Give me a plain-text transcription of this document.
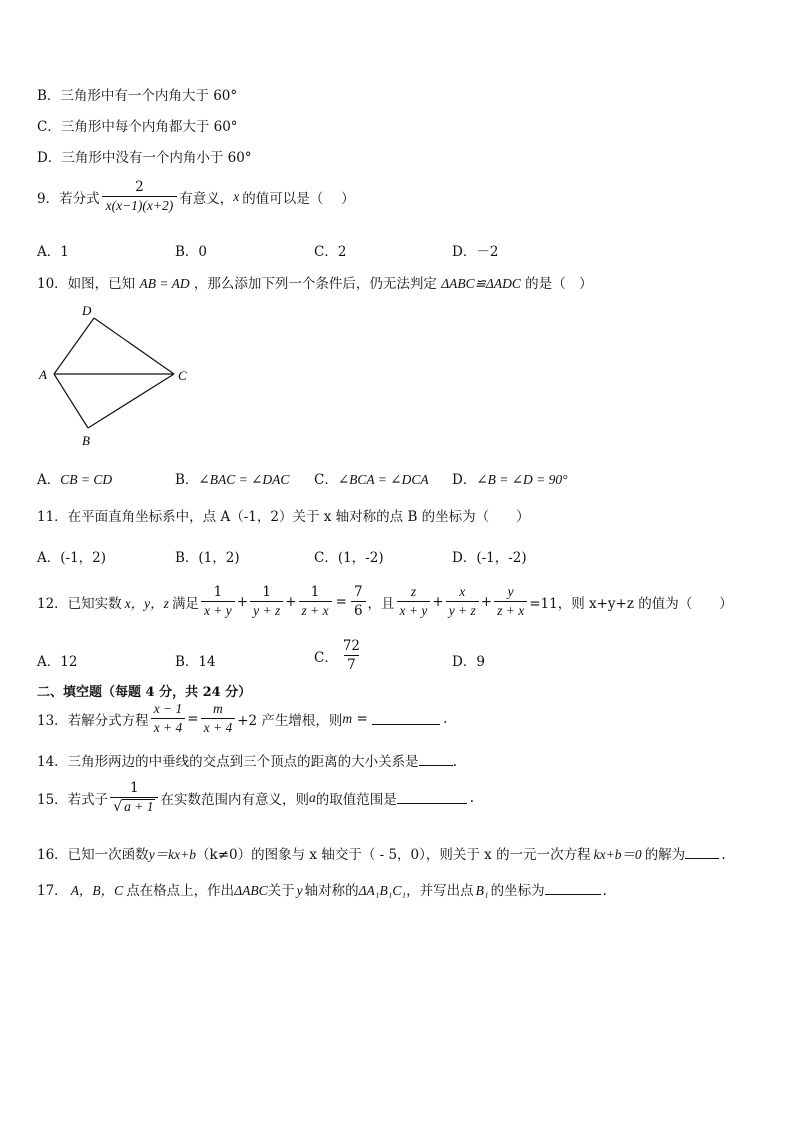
B．三角形中有一个内角大于 60°
C．三角形中每个内角都大于 60°
D．三角形中没有一个内角小于 60°
9．若分式 $\frac{2}{x(x-1)(x+2)}$ 有意义， x 的值可以是（　 ）
A．1	B．0	C．2	D．－2
10．如图，已知 AB = AD ，那么添加下列一个条件后，仍无法判定 ΔABC≌ΔADC 的是（　）
D
A	C
B
A．CB = CD	B．∠BAC = ∠DAC C．∠BCA = ∠DCA D．∠B = ∠D = 90°
11．在平面直角坐标系中，点 A（-1，2）关于 x 轴对称的点 B 的坐标为（　　）
A．(-1，2)	B．(1，2)	C．(1，-2)	D．(-1，-2)
12．已知实数 x，y，z 满足 $\frac{1}{x + y} + \frac{1}{y + z} + \frac{1}{z + x} = \frac{7}{6}$ ，且 $\frac{z}{x + y} + \frac{x}{y + z} + \frac{y}{z + x} =11$，则 x+y+z 的值为（　　）
A．12	B．14	C． $\frac{72}{7}$	D．9
二、填空题（每题 4 分，共 24 分）
13．若解分式方程 $\frac{x - 1}{x + 4} = \frac{m}{x + 4} +2$ 产生增根，则 m =	.
14．三角形两边的中垂线的交点到三个顶点的距离的大小关系是	.
15．若式子 $\frac{1}{√ a + 1}$ 在实数范围内有意义，则 a 的取值范围是	.
16．已知一次函数y＝kx+b（k≠0）的图象与 x 轴交于（ - 5，0），则关于 x 的一元一次方程 kx+b＝0 的解为	.
17． A，B，C 点在格点上，作出ΔABC关于 y 轴对称的ΔA₁B₁C₁，并写出点 B₁ 的坐标为	.
